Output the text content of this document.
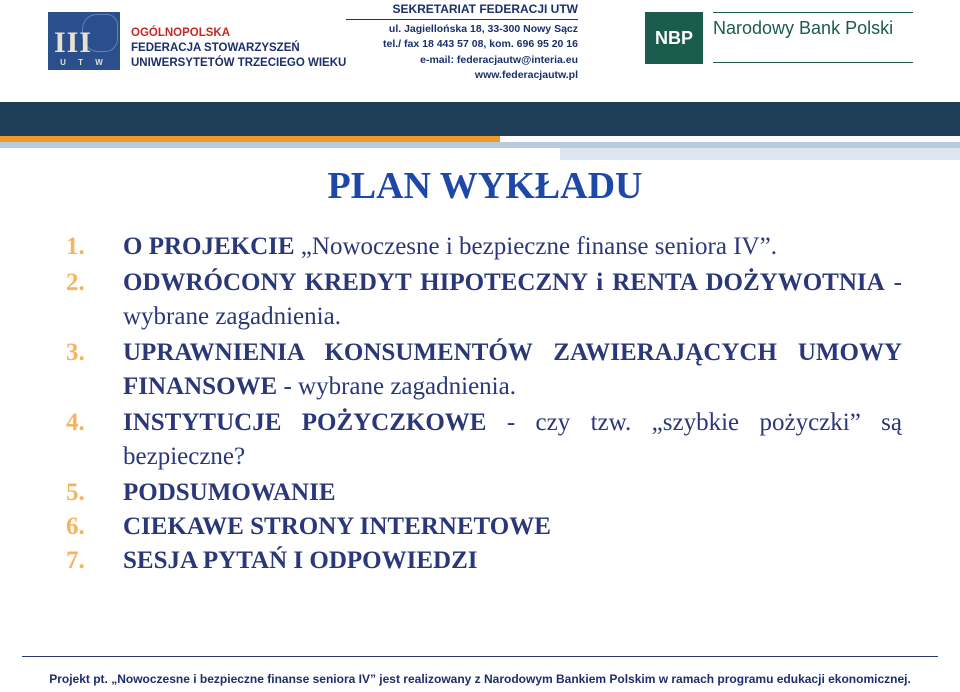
III
U T W
OGÓLNOPOLSKA
FEDERACJA STOWARZYSZEŃ
UNIWERSYTETÓW TRZECIEGO WIEKU
SEKRETARIAT FEDERACJI UTW
ul. Jagiellońska 18, 33-300 Nowy Sącz
tel./ fax 18 443 57 08, kom. 696 95 20 16
e-mail: federacjautw@interia.eu
www.federacjautw.pl
NBP Narodowy Bank Polski
PLAN WYKŁADU
1. O PROJEKCIE „Nowoczesne i bezpieczne finanse seniora IV”.
2. ODWRÓCONY KREDYT HIPOTECZNY i RENTA DOŻYWOTNIA - wybrane zagadnienia.
3. UPRAWNIENIA KONSUMENTÓW ZAWIERAJĄCYCH UMOWY FINANSOWE - wybrane zagadnienia.
4. INSTYTUCJE POŻYCZKOWE - czy tzw. „szybkie pożyczki” są bezpieczne?
5. PODSUMOWANIE
6. CIEKAWE STRONY INTERNETOWE
7. SESJA PYTAŃ I ODPOWIEDZI
Projekt pt. „Nowoczesne i bezpieczne finanse seniora IV” jest realizowany z Narodowym Bankiem Polskim w ramach programu edukacji ekonomicznej.
